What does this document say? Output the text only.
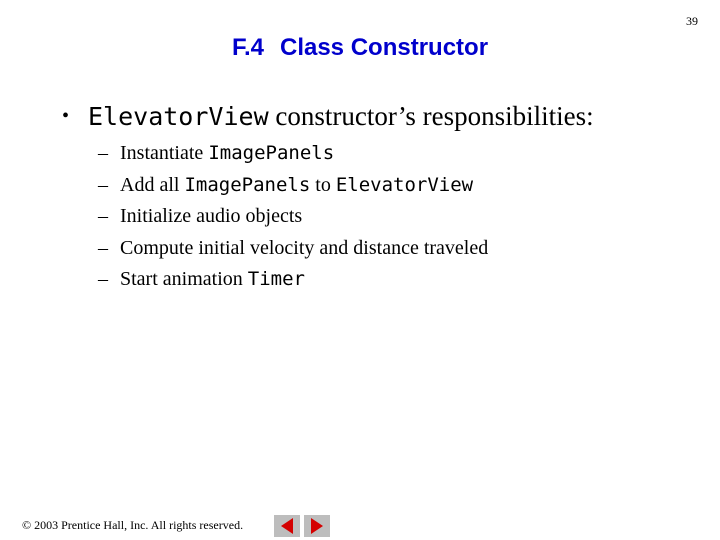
39
F.4 Class Constructor
• ElevatorView constructor’s responsibilities:
– Instantiate ImagePanels
– Add all ImagePanels to ElevatorView
– Initialize audio objects
– Compute initial velocity and distance traveled
– Start animation Timer
© 2003 Prentice Hall, Inc. All rights reserved.
